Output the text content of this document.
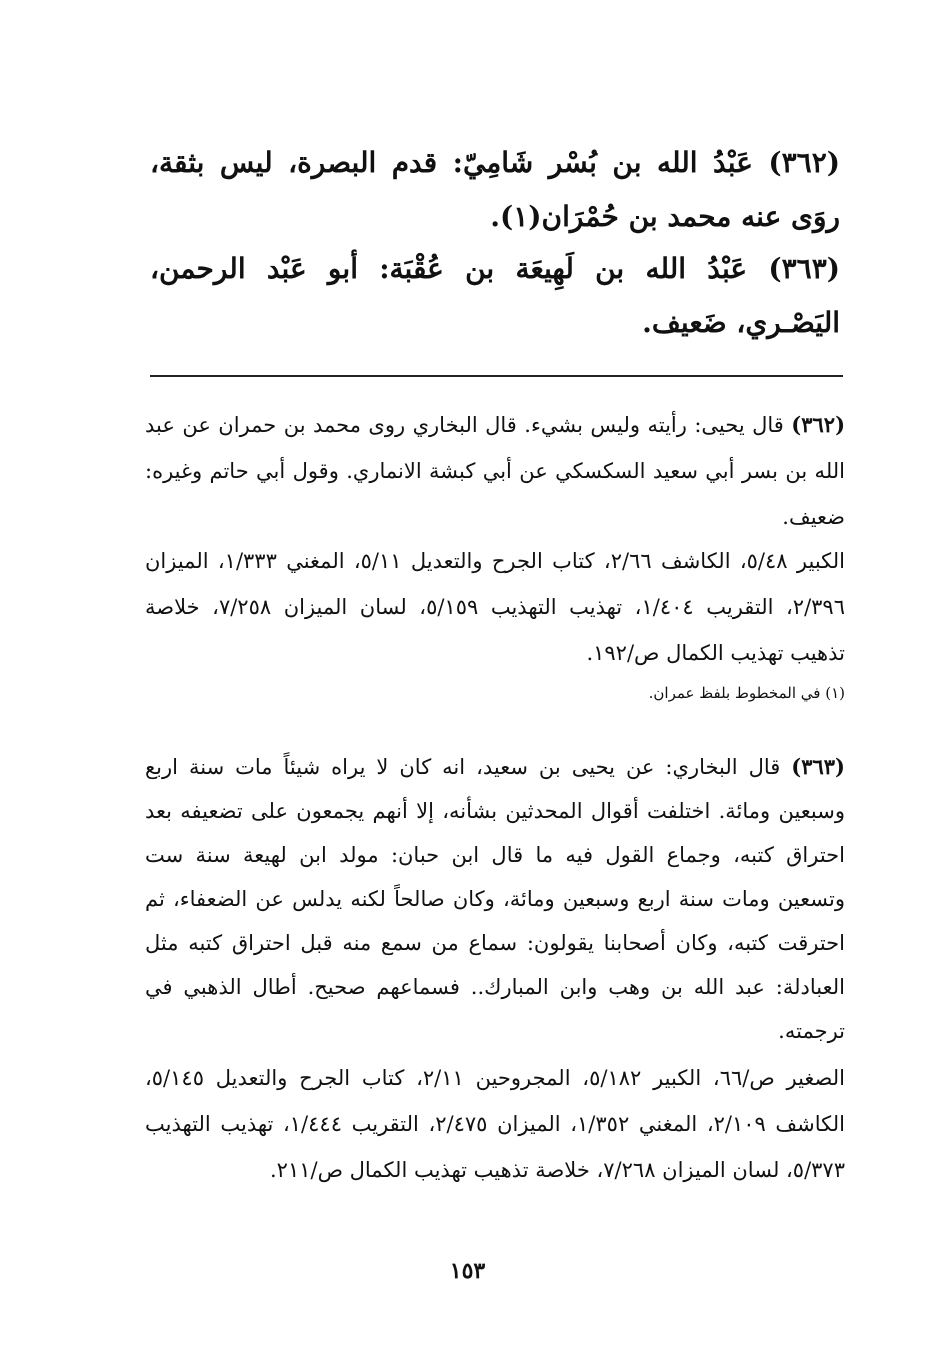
(٣٦٢) عَبْدُ الله بن بُسْر شَامِيّ: قدم البصرة، ليس بثقة، روَى عنه محمد بن حُمْرَان(١).
(٣٦٣) عَبْدُ الله بن لَهِيعَة بن عُقْبَة: أبو عَبْد الرحمن، اليَصْـري، ضَعيف.
(٣٦٢) قال يحيى: رأيته وليس بشيء. قال البخاري روى محمد بن حمران عن عبد الله بن بسر أبي سعيد السكسكي عن أبي كبشة الانماري. وقول أبي حاتم وغيره: ضعيف.
الكبير ٥/٤٨، الكاشف ٢/٦٦، كتاب الجرح والتعديل ٥/١١، المغني ١/٣٣٣، الميزان ٢/٣٩٦، التقريب ١/٤٠٤، تهذيب التهذيب ٥/١٥٩، لسان الميزان ٧/٢٥٨، خلاصة تذهيب تهذيب الكمال ص/١٩٢.
(١) في المخطوط بلفظ عمران.
(٣٦٣) قال البخاري: عن يحيى بن سعيد، انه كان لا يراه شيئاً مات سنة اربع وسبعين ومائة. اختلفت أقوال المحدثين بشأنه، إلا أنهم يجمعون على تضعيفه بعد احتراق كتبه، وجماع القول فيه ما قال ابن حبان: مولد ابن لهيعة سنة ست وتسعين ومات سنة اربع وسبعين ومائة، وكان صالحاً لكنه يدلس عن الضعفاء، ثم احترقت كتبه، وكان أصحابنا يقولون: سماع من سمع منه قبل احتراق كتبه مثل العبادلة: عبد الله بن وهب وابن المبارك.. فسماعهم صحيح. أطال الذهبي في ترجمته.
الصغير ص/٦٦، الكبير ٥/١٨٢، المجروحين ٢/١١، كتاب الجرح والتعديل ٥/١٤٥، الكاشف ٢/١٠٩، المغني ١/٣٥٢، الميزان ٢/٤٧٥، التقريب ١/٤٤٤، تهذيب التهذيب ٥/٣٧٣، لسان الميزان ٧/٢٦٨، خلاصة تذهيب تهذيب الكمال ص/٢١١.
١٥٣
